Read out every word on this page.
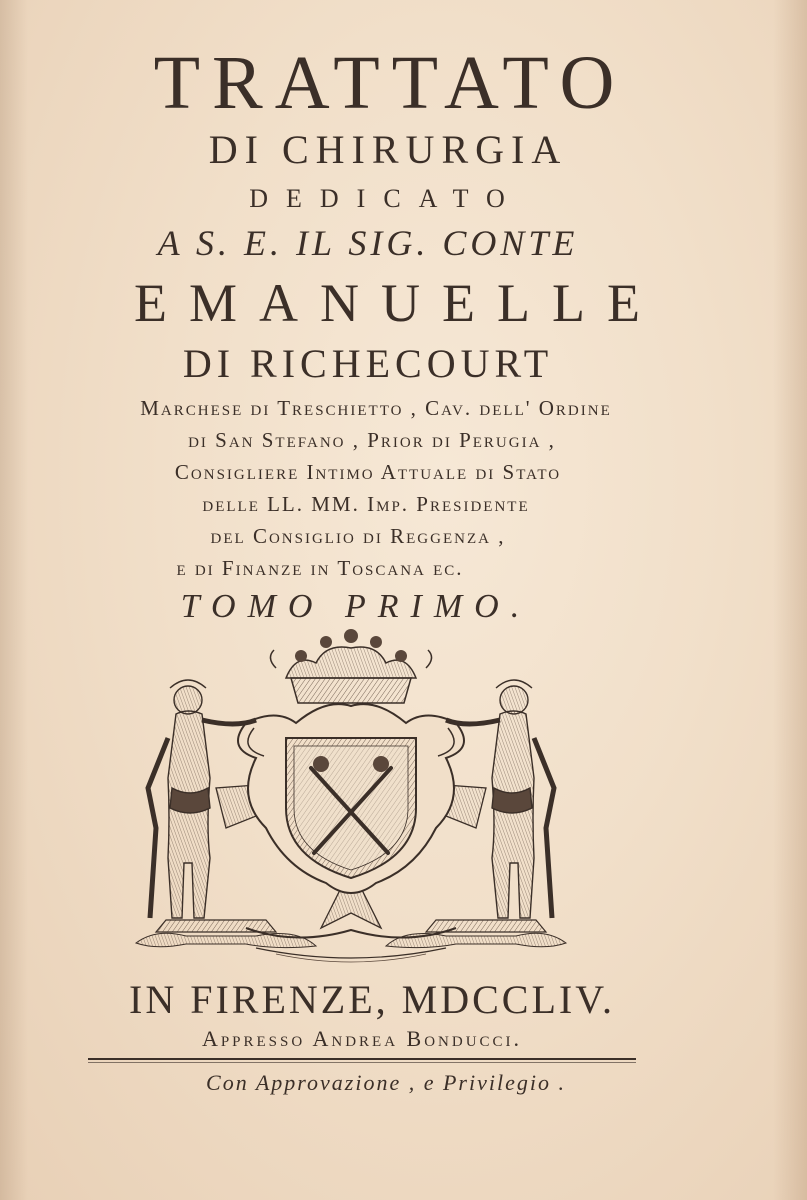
TRATTATO
DI CHIRURGIA
DEDICATO
A S. E. IL SIG. CONTE
EMANUELLE
DI RICHECOURT
Marchese di Treschietto , Cav. dell' Ordine
di San Stefano , Prior di Perugia ,
Consigliere Intimo Attuale di Stato
delle LL. MM. Imp. Presidente
del Consiglio di Reggenza ,
e di Finanze in Toscana ec.
TOMO PRIMO.
IN FIRENZE, MDCCLIV.
Appresso Andrea Bonducci.
Con Approvazione , e Privilegio .
